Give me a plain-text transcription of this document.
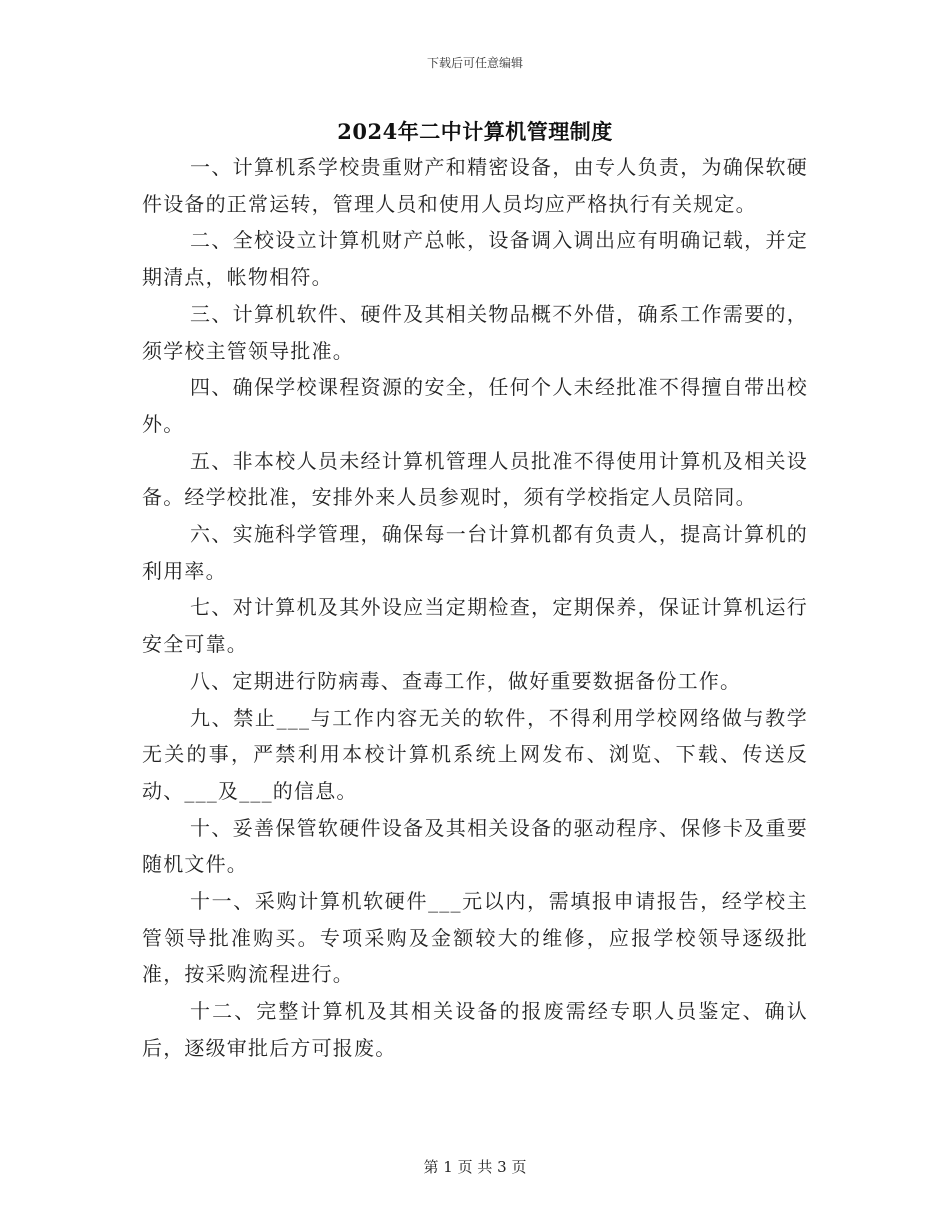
下载后可任意编辑
2024年二中计算机管理制度

一、计算机系学校贵重财产和精密设备，由专人负责，为确保软硬件设备的正常运转，管理人员和使用人员均应严格执行有关规定。

二、全校设立计算机财产总帐，设备调入调出应有明确记载，并定期清点，帐物相符。

三、计算机软件、硬件及其相关物品概不外借，确系工作需要的，须学校主管领导批准。

四、确保学校课程资源的安全，任何个人未经批准不得擅自带出校外。

五、非本校人员未经计算机管理人员批准不得使用计算机及相关设备。经学校批准，安排外来人员参观时，须有学校指定人员陪同。

六、实施科学管理，确保每一台计算机都有负责人，提高计算机的利用率。

七、对计算机及其外设应当定期检查，定期保养，保证计算机运行安全可靠。

八、定期进行防病毒、查毒工作，做好重要数据备份工作。

九、禁止___与工作内容无关的软件，不得利用学校网络做与教学无关的事，严禁利用本校计算机系统上网发布、浏览、下载、传送反动、___及___的信息。

十、妥善保管软硬件设备及其相关设备的驱动程序、保修卡及重要随机文件。

十一、采购计算机软硬件___元以内，需填报申请报告，经学校主管领导批准购买。专项采购及金额较大的维修，应报学校领导逐级批准，按采购流程进行。

十二、完整计算机及其相关设备的报废需经专职人员鉴定、确认后，逐级审批后方可报废。

第 1 页 共 3 页
